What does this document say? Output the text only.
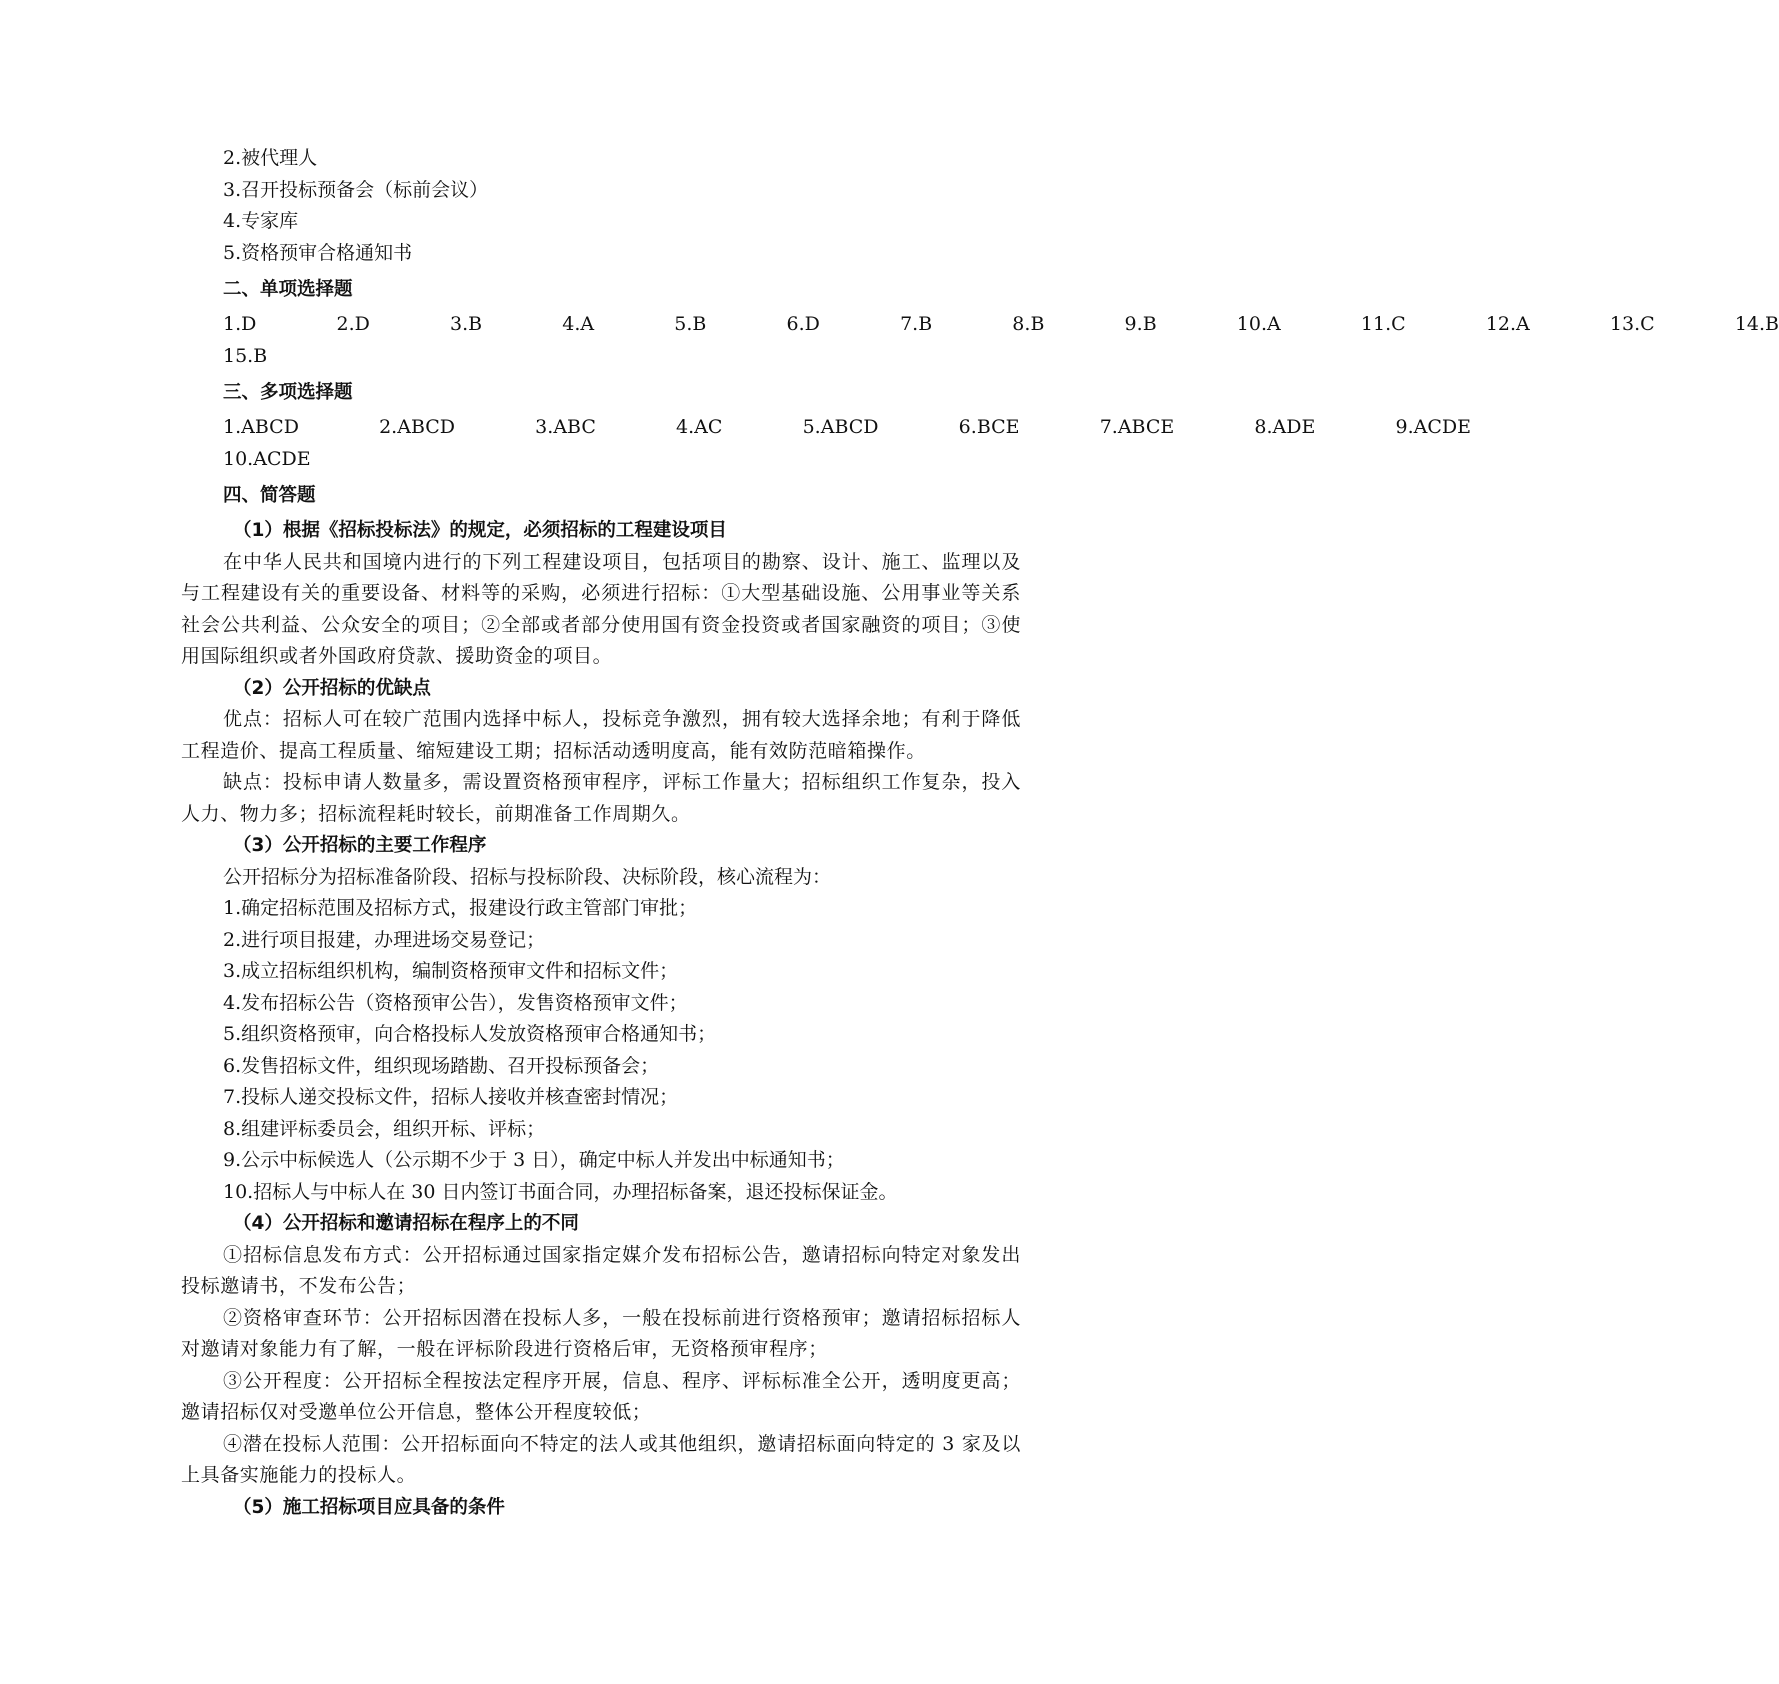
2.被代理人

3.召开投标预备会（标前会议）

4.专家库

5.资格预审合格通知书

二、单项选择题

1.D    2.D    3.B    4.A    5.B    6.D    7.B    8.B    9.B    10.A    11.C    12.A    13.C    14.B

15.B

三、多项选择题

1.ABCD    2.ABCD    3.ABC    4.AC    5.ABCD    6.BCE    7.ABCE    8.ADE    9.ACDE

10.ACDE

四、简答题

（1）根据《招标投标法》的规定，必须招标的工程建设项目

在中华人民共和国境内进行的下列工程建设项目，包括项目的勘察、设计、施工、监理以及与工程建设有关的重要设备、材料等的采购，必须进行招标：①大型基础设施、公用事业等关系社会公共利益、公众安全的项目；②全部或者部分使用国有资金投资或者国家融资的项目；③使用国际组织或者外国政府贷款、援助资金的项目。

（2）公开招标的优缺点

优点：招标人可在较广范围内选择中标人，投标竞争激烈，拥有较大选择余地；有利于降低工程造价、提高工程质量、缩短建设工期；招标活动透明度高，能有效防范暗箱操作。

缺点：投标申请人数量多，需设置资格预审程序，评标工作量大；招标组织工作复杂，投入人力、物力多；招标流程耗时较长，前期准备工作周期久。

（3）公开招标的主要工作程序

公开招标分为招标准备阶段、招标与投标阶段、决标阶段，核心流程为：

1.确定招标范围及招标方式，报建设行政主管部门审批；

2.进行项目报建，办理进场交易登记；

3.成立招标组织机构，编制资格预审文件和招标文件；

4.发布招标公告（资格预审公告），发售资格预审文件；

5.组织资格预审，向合格投标人发放资格预审合格通知书；

6.发售招标文件，组织现场踏勘、召开投标预备会；

7.投标人递交投标文件，招标人接收并核查密封情况；

8.组建评标委员会，组织开标、评标；

9.公示中标候选人（公示期不少于 3 日），确定中标人并发出中标通知书；

10.招标人与中标人在 30 日内签订书面合同，办理招标备案，退还投标保证金。

（4）公开招标和邀请招标在程序上的不同

①招标信息发布方式：公开招标通过国家指定媒介发布招标公告，邀请招标向特定对象发出投标邀请书，不发布公告；

②资格审查环节：公开招标因潜在投标人多，一般在投标前进行资格预审；邀请招标招标人对邀请对象能力有了解，一般在评标阶段进行资格后审，无资格预审程序；

③公开程度：公开招标全程按法定程序开展，信息、程序、评标标准全公开，透明度更高；邀请招标仅对受邀单位公开信息，整体公开程度较低；

④潜在投标人范围：公开招标面向不特定的法人或其他组织，邀请招标面向特定的 3 家及以上具备实施能力的投标人。

（5）施工招标项目应具备的条件
